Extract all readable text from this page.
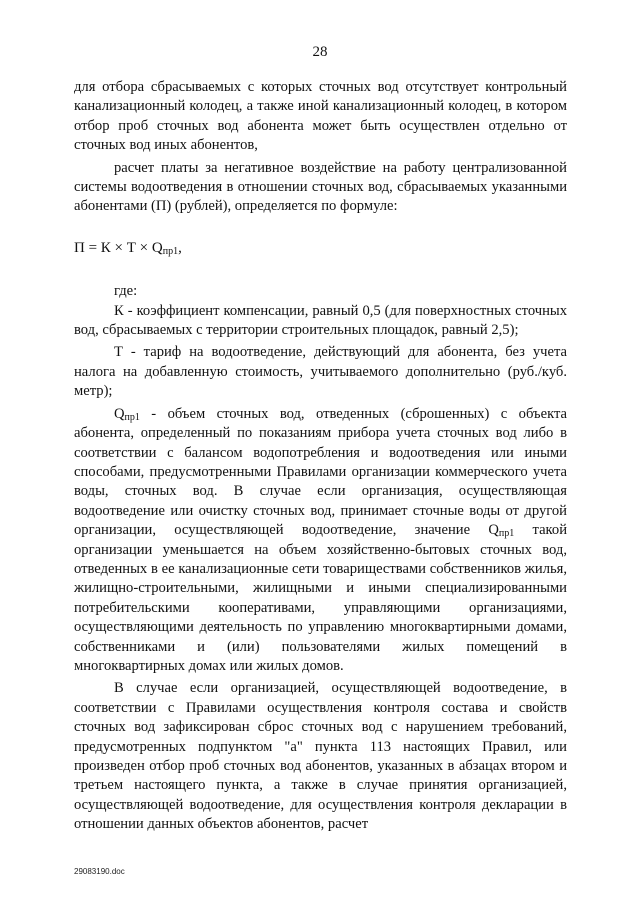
28

для отбора сбрасываемых с которых сточных вод отсутствует контрольный канализационный колодец, а также иной канализационный колодец, в котором отбор проб сточных вод абонента может быть осуществлен отдельно от сточных вод иных абонентов,

расчет платы за негативное воздействие на работу централизованной системы водоотведения в отношении сточных вод, сбрасываемых указанными абонентами (П) (рублей), определяется по формуле:

$П = К \times Т \times Q_{пр1}$,

где:

К - коэффициент компенсации, равный 0,5 (для поверхностных сточных вод, сбрасываемых с территории строительных площадок, равный 2,5);

Т - тариф на водоотведение, действующий для абонента, без учета налога на добавленную стоимость, учитываемого дополнительно (руб./куб. метр);

$Q_{пр1}$ - объем сточных вод, отведенных (сброшенных) с объекта абонента, определенный по показаниям прибора учета сточных вод либо в соответствии с балансом водопотребления и водоотведения или иными способами, предусмотренными Правилами организации коммерческого учета воды, сточных вод. В случае если организация, осуществляющая водоотведение или очистку сточных вод, принимает сточные воды от другой организации, осуществляющей водоотведение, значение $Q_{пр1}$ такой организации уменьшается на объем хозяйственно-бытовых сточных вод, отведенных в ее канализационные сети товариществами собственников жилья, жилищно-строительными, жилищными и иными специализированными потребительскими кооперативами, управляющими организациями, осуществляющими деятельность по управлению многоквартирными домами, собственниками и (или) пользователями жилых помещений в многоквартирных домах или жилых домов.

В случае если организацией, осуществляющей водоотведение, в соответствии с Правилами осуществления контроля состава и свойств сточных вод зафиксирован сброс сточных вод с нарушением требований, предусмотренных подпунктом "а" пункта 113 настоящих Правил, или произведен отбор проб сточных вод абонентов, указанных в абзацах втором и третьем настоящего пункта, а также в случае принятия организацией, осуществляющей водоотведение, для осуществления контроля декларации в отношении данных объектов абонентов, расчет

29083190.doc
